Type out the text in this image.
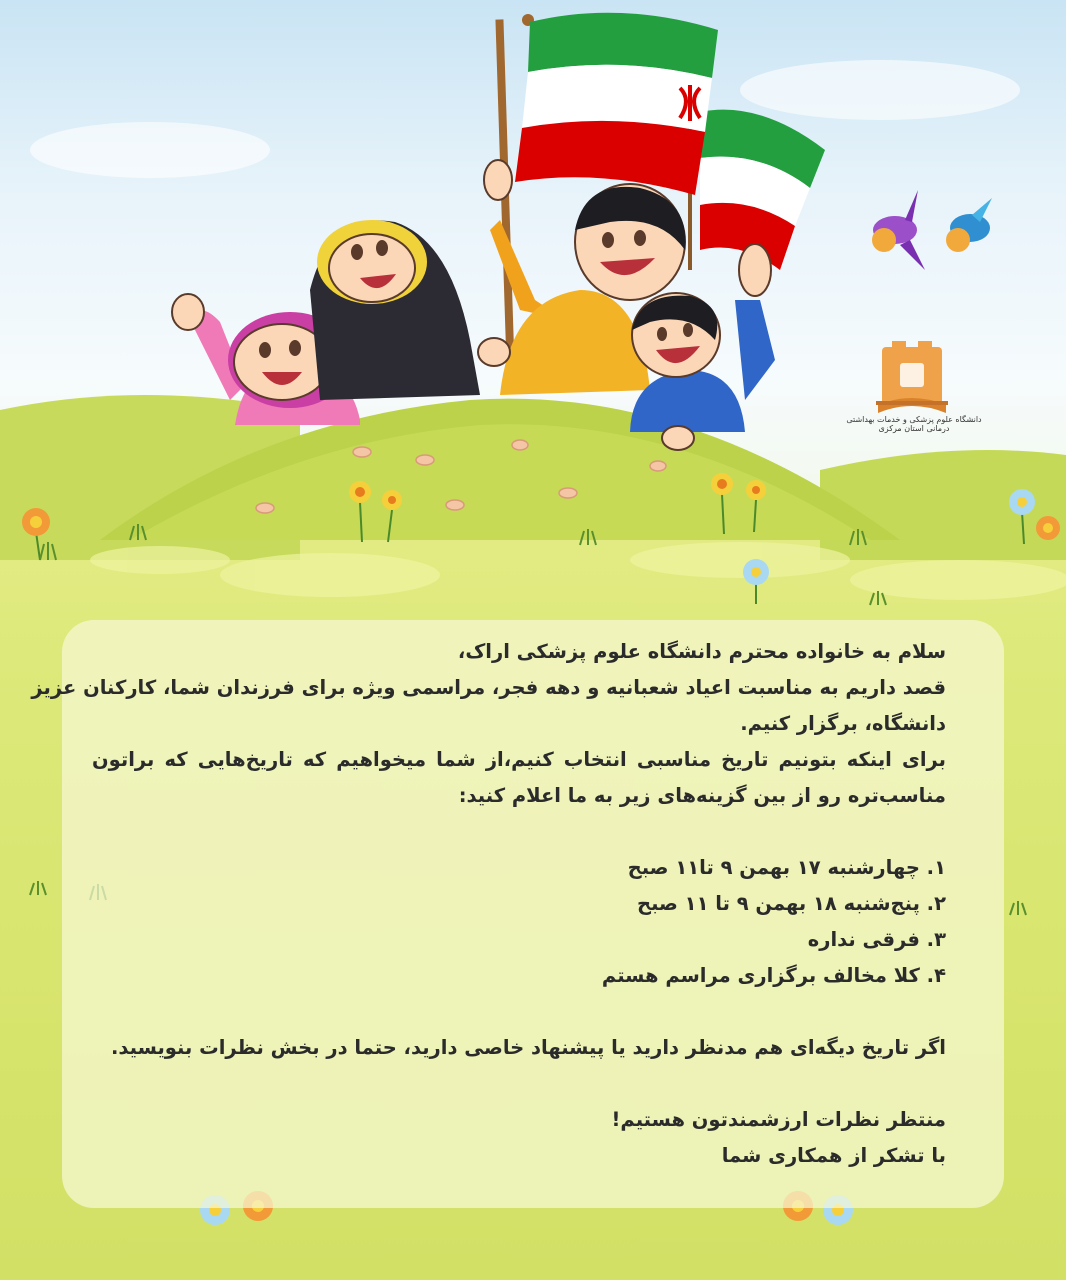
دانشگاه علوم پزشکی و خدمات بهداشتی درمانی استان مرکزی
سلام به خانواده محترم دانشگاه علوم پزشکی اراک،
قصد داریم به مناسبت اعیاد شعبانیه و دهه فجر، مراسمی ویژه برای فرزندان شما، کارکنان عزیز
دانشگاه، برگزار کنیم.
برای اینکه بتونیم تاریخ مناسبی انتخاب کنیم،از شما میخواهیم که تاریخ‌هایی که براتون
مناسب‌تره رو از بین گزینه‌های زیر به ما اعلام کنید:
۱. چهارشنبه ۱۷ بهمن ۹ تا۱۱ صبح
۲. پنج‌شنبه ۱۸ بهمن ۹ تا ۱۱ صبح
۳. فرقی نداره
۴. کلا مخالف برگزاری مراسم هستم
اگر تاریخ دیگه‌ای هم مدنظر دارید یا پیشنهاد خاصی دارید، حتما در بخش نظرات بنویسید.
منتظر نظرات ارزشمندتون هستیم!
با تشکر از همکاری شما
